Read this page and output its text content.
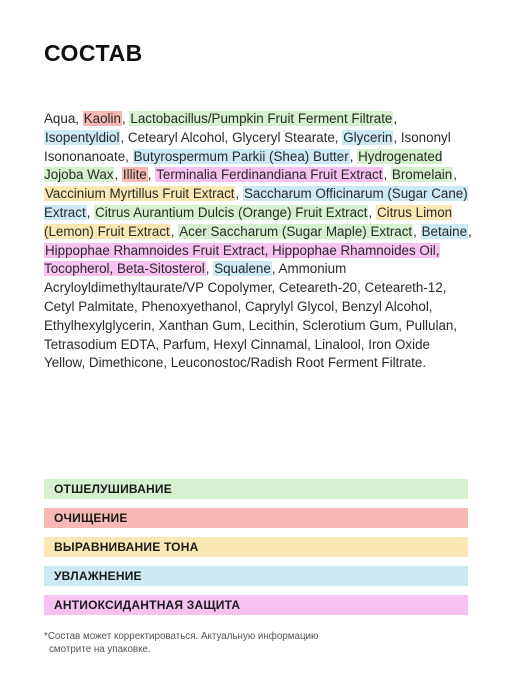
СОСТАВ

Aqua, Kaolin, Lactobacillus/Pumpkin Fruit Ferment Filtrate, Isopentyldiol, Cetearyl Alcohol, Glyceryl Stearate, Glycerin, Isononyl Isononanoate, Butyrospermum Parkii (Shea) Butter, Hydrogenated Jojoba Wax, Illite, Terminalia Ferdinandiana Fruit Extract, Bromelain, Vaccinium Myrtillus Fruit Extract, Saccharum Officinarum (Sugar Cane) Extract, Citrus Aurantium Dulcis (Orange) Fruit Extract, Citrus Limon (Lemon) Fruit Extract, Acer Saccharum (Sugar Maple) Extract, Betaine, Hippophae Rhamnoides Fruit Extract, Hippophae Rhamnoides Oil, Tocopherol, Beta-Sitosterol, Squalene, Ammonium Acryloyldimethyltaurate/VP Copolymer, Ceteareth-20, Ceteareth-12, Cetyl Palmitate, Phenoxyethanol, Caprylyl Glycol, Benzyl Alcohol, Ethylhexylglycerin, Xanthan Gum, Lecithin, Sclerotium Gum, Pullulan, Tetrasodium EDTA, Parfum, Hexyl Cinnamal, Linalool, Iron Oxide Yellow, Dimethicone, Leuconostoc/Radish Root Ferment Filtrate.

ОТШЕЛУШИВАНИЕ
ОЧИЩЕНИЕ
ВЫРАВНИВАНИЕ ТОНА
УВЛАЖНЕНИЕ
АНТИОКСИДАНТНАЯ ЗАЩИТА

*Состав может корректироваться. Актуальную информацию
смотрите на упаковке.
